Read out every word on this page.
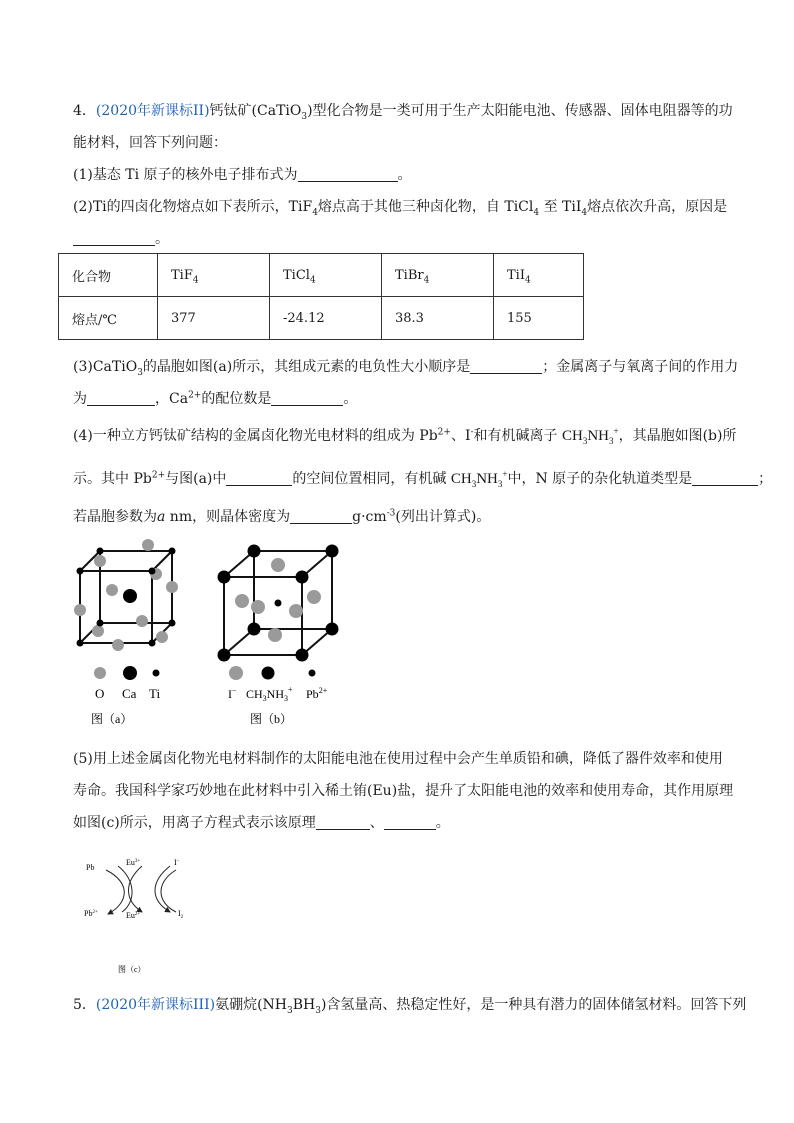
4．(2020年新课标II)钙钛矿(CaTiO$_3$)型化合物是一类可用于生产太阳能电池、传感器、固体电阻器等的功
能材料，回答下列问题：
(1)基态 Ti 原子的核外电子排布式为	。
(2)Ti的四卤化物熔点如下表所示，TiF$_4$熔点高于其他三种卤化物，自 TiCl$_4$ 至 TiI$_4$熔点依次升高，原因是
。
化合物	TiF$_4$	TiCl$_4$	TiBr$_4$	TiI$_4$
熔点/℃	377	-24.12	38.3	155
(3)CaTiO$_3$的晶胞如图(a)所示，其组成元素的电负性大小顺序是	；金属离子与氧离子间的作用力
为	，$Ca^{2+}$的配位数是	。
(4)一种立方钙钛矿结构的金属卤化物光电材料的组成为 $Pb^{2+}$、I-和有机碱离子 $CH_3NH_3^+$，其晶胞如图(b)所
示。其中 $Pb^{2+}$与图(a)中	的空间位置相同，有机碱 $CH_3NH_3^+$中，N 原子的杂化轨道类型是	；
若晶胞参数为a nm，则晶体密度为	$g\cdot cm^{-3}$(列出计算式)。
O Ca Ti
图（a）
I− $CH_3NH_3^+$ $Pb^{2+}$
图（b）
(5)用上述金属卤化物光电材料制作的太阳能电池在使用过程中会产生单质铅和碘，降低了器件效率和使用
寿命。我国科学家巧妙地在此材料中引入稀土铕(Eu)盐，提升了太阳能电池的效率和使用寿命，其作用原理
如图(c)所示，用离子方程式表示该原理	、	。
Pb
$Pb^{2+}$
$Eu^{3+}$
$Eu^{2+}$
I−
$I_2$
图（c）
5．(2020年新课标III)氨硼烷$(NH_3BH_3)$含氢量高、热稳定性好，是一种具有潜力的固体储氢材料。回答下列
